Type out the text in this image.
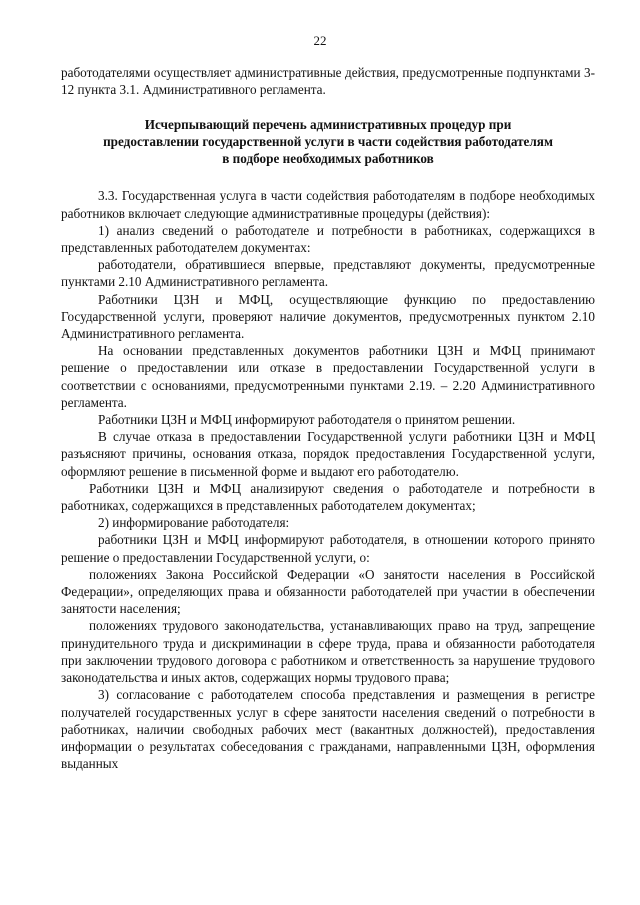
22

работодателями осуществляет административные действия, предусмотренные подпунктами 3-12 пункта 3.1. Административного регламента.

Исчерпывающий перечень административных процедур при
предоставлении государственной услуги в части содействия работодателям
в подборе необходимых работников

3.3. Государственная услуга в части содействия работодателям в подборе необходимых работников включает следующие административные процедуры (действия):

1) анализ сведений о работодателе и потребности в работниках, содержащихся в представленных работодателем документах:

работодатели, обратившиеся впервые, представляют документы, предусмотренные пунктами 2.10 Административного регламента.

Работники ЦЗН и МФЦ, осуществляющие функцию по предоставлению Государственной услуги, проверяют наличие документов, предусмотренных пунктом 2.10 Административного регламента.

На основании представленных документов работники ЦЗН и МФЦ принимают решение о предоставлении или отказе в предоставлении Государственной услуги в соответствии с основаниями, предусмотренными пунктами 2.19. – 2.20 Административного регламента.

Работники ЦЗН и МФЦ информируют работодателя о принятом решении.

В случае отказа в предоставлении Государственной услуги работники ЦЗН и МФЦ разъясняют причины, основания отказа, порядок предоставления Государственной услуги, оформляют решение в письменной форме и выдают его работодателю.

Работники ЦЗН и МФЦ анализируют сведения о работодателе и потребности в работниках, содержащихся в представленных работодателем документах;

2) информирование работодателя:

работники ЦЗН и МФЦ информируют работодателя, в отношении которого принято решение о предоставлении Государственной услуги, о:

положениях Закона Российской Федерации «О занятости населения в Российской Федерации», определяющих права и обязанности работодателей при участии в обеспечении занятости населения;

положениях трудового законодательства, устанавливающих право на труд, запрещение принудительного труда и дискриминации в сфере труда, права и обязанности работодателя при заключении трудового договора с работником и ответственность за нарушение трудового законодательства и иных актов, содержащих нормы трудового права;

3) согласование с работодателем способа представления и размещения в регистре получателей государственных услуг в сфере занятости населения сведений о потребности в работниках, наличии свободных рабочих мест (вакантных должностей), предоставления информации о результатах собеседования с гражданами, направленными ЦЗН, оформления выданных
